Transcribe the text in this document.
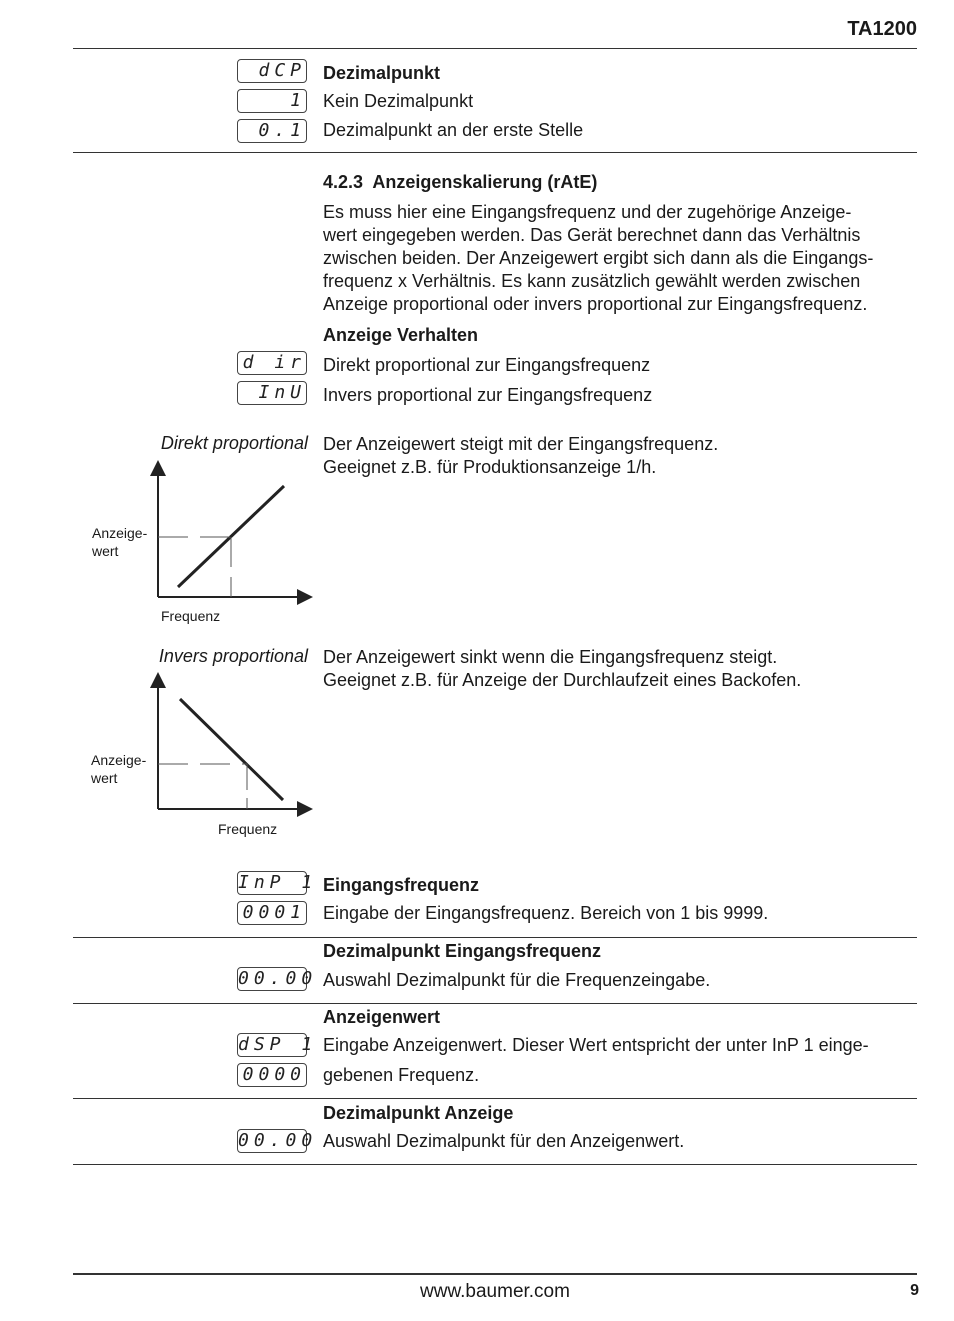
TA1200
dCP
1
0.1
Dezimalpunkt
Kein Dezimalpunkt
Dezimalpunkt an der erste Stelle
4.2.3  Anzeigenskalierung (rAtE)
Es muss hier eine Eingangsfrequenz und der zugehörige Anzeige-
wert eingegeben werden. Das Gerät berechnet dann das Verhältnis
zwischen beiden. Der Anzeigewert ergibt sich dann als die Eingangs-
frequenz x Verhältnis. Es kann zusätzlich gewählt werden zwischen
Anzeige proportional oder invers proportional zur Eingangsfrequenz.
Anzeige Verhalten
d ir Direkt proportional zur Eingangsfrequenz
InU Invers proportional zur Eingangsfrequenz
Direkt proportional Der Anzeigewert steigt mit der Eingangsfrequenz.
Geeignet z.B. für Produktionsanzeige 1/h.
Anzeige-
wert
Frequenz
Invers proportional Der Anzeigewert sinkt wenn die Eingangsfrequenz steigt.
Geeignet z.B. für Anzeige der Durchlaufzeit eines Backofen.
Anzeige-
wert
Frequenz
InP 1 Eingangsfrequenz
0001 Eingabe der Eingangsfrequenz. Bereich von 1 bis 9999.
Dezimalpunkt Eingangsfrequenz
00.00 Auswahl Dezimalpunkt für die Frequenzeingabe.
Anzeigenwert
dSP 1 Eingabe Anzeigenwert. Dieser Wert entspricht der unter InP 1 einge-
0000 gebenen Frequenz.
Dezimalpunkt Anzeige
00.00 Auswahl Dezimalpunkt für den Anzeigenwert.
www.baumer.com	9
